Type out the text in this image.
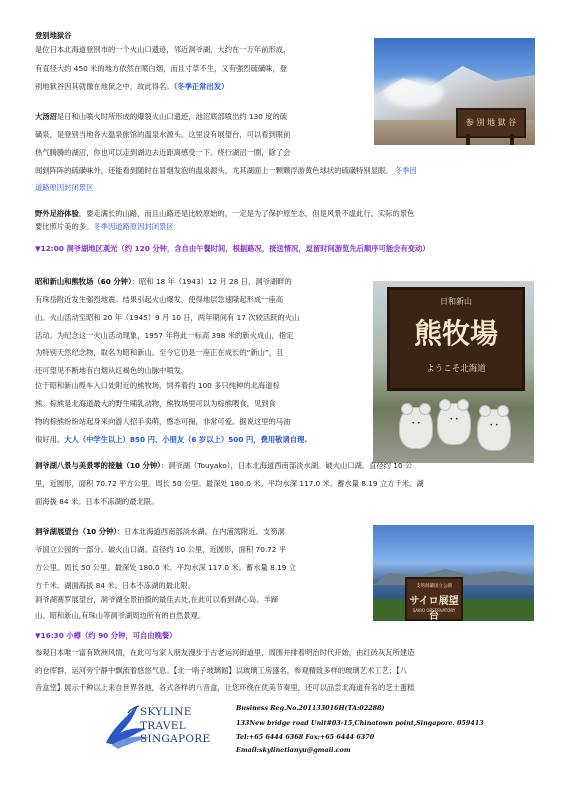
登别地狱谷
是位日本北海道登別市的一个火山口遗迹，邻近洞爷湖，大约在一万年前形成，
有直径大约 450 米的地方依然在喷白烟，而且寸草不生，又有强烈硫磺味，登
别地狱谷因其就像在地狱之中，故此得名。（冬季正常出发）
参 別 地 獄 谷
大汤沼是日和山喷火时所形成的爆裂火山口遗迹，池沼底部喷出约 130 度的硫
磺泉，是登别当地各大温泉旅馆的温泉水源头。这里设有展望台，可以看到眼前
热气腾腾的湖沼，你也可以走到湖边去近距离感受一下。绕行湖沼一圈，除了会
闻到阵阵的硫磺味外，还能看到随时在冒烟发泡的温泉源头，尤其湖面上一颗颗浮游黄色球状的硫磺特别显眼。 冬季因
道路原因封闭景区
野外足浴体验，要走满长的山路，而且山路还是比较原始的，一定是为了保护原生态，但是风景不虚此行。实际的景色
要比照片美的多。冬季因道路原因封闭景区
▼12:00 洞爷湖地区观光（约 120 分钟，含自由午餐时间，根据路况，接送情况，逗留时间游览先后顺序可能会有变动）
昭和新山和熊牧场（60 分钟）：昭和 18 年（1943）12 月 28 日，洞爷湖畔的
有珠岳附近发生强烈地震。结果引起火山爆发，使得地层急速隆起形成一座高
山。火山活动至昭和 20 年（1945）9 月 10 日，两年期间有 17 次较活跃的火山
活动。为纪念这一火山活动现象，1957 年将此一标高 398 米的新火成山，指定
为特别天然纪念物，取名为昭和新山。至今它仍是一座正在成长的“新山”，且
还可望见不断地有白烟从红褐色的山脉中喷发。
位于昭和新山缆车入口处附近的熊牧场，饲养着约 100 多只纯种的北海道棕
熊。棕熊是北海道最大的野生哺乳动物，熊牧场里可以为棕熊喂食，见到食
物的棕熊纷纷站起身来向游人招手卖萌，憨态可掬，非常可爱。据说这里的马油
很好用。大人（中学生以上）850 円、小朋友（6 岁以上）500 円，费用敬请自理.
日和新山
熊牧場
ようこそ北海道
• •
• •
• •
洞爷湖八景与美景零的接触（10 分钟）：洞爷湖（Touyako），日本北海道西南部淡水湖。破火山口湖。直径约 10 公
里，近圆形，面积 70.72 平方公里。周长 50 公里。最深处 180.0 米。平均水深 117.0 米。蓄水量 8.19 立方千米。湖
面海拔 84 米。日本不冻湖的最北限。
洞爷湖展望台（10 分钟）：日本北海道西南部淡水湖。在内浦湾附近。支笏洞
爷国立公园的一部分。破火山口湖。直径约 10 公里，近圆形，面积 70.72 平
方公里。周长 50 公里。最深处 180.0 米。平均水深 117.0 米。蓄水量 8.19 立
方千米。湖面海拔 84 米。日本不冻湖的最北限。
洞爷湖赛罗展望台，洞爷湖全景拍摄的最佳去处,在此可以看到湖心岛、羊蹄
山、昭和新山,有珠山等洞爷湖周边所有的自然景观。
支笏洞爺国立公園
サイロ展望台
SAIRO OBSERVATORY
▼16:30 小樽（约 90 分钟，可自由晚餐）
参观日本唯一富有欧洲风情，在此可与家人朋友漫步于古老运河街道里，周围井排着明治时代开始，由红砖灰瓦所建造
的仓库群，运河旁宁静中飘流着悠悠气息。【北一哨子玻璃館】以玻璃工房盛名，参观精致多样的玻璃艺术工艺；【八
音盒堂】展示千种以上来自世界各地，各式各样的八音盒，让您环绕在优美节奏里，还可以品尝北海道有名的芝士蛋糕
SKYLINE
TRAVEL
SINGAPORE
Business Reg.No.201133016H(TA:02288)
133New bridge road Unit#03-15,Chinatown point,Singapore. 059413
Tel:+65 6444 6368 Fax:+65 6444 6370
Email:skylinetianyu@gmail.com
